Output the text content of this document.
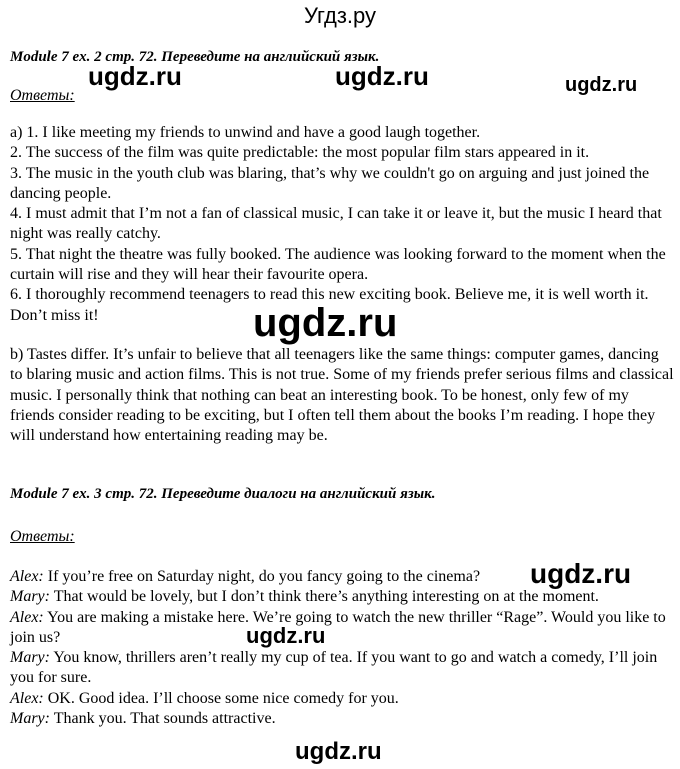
Угдз.ру
Module 7 ex. 2 стр. 72. Переведите на английский язык.
ugdz.ru	ugdz.ru	ugdz.ru
Ответы:

a) 1. I like meeting my friends to unwind and have a good laugh together.

2. The success of the film was quite predictable: the most popular film stars appeared in it.

3. The music in the youth club was blaring, that’s why we couldn't go on arguing and just joined the dancing people.

4. I must admit that I’m not a fan of classical music, I can take it or leave it, but the music I heard that night was really catchy.

5. That night the theatre was fully booked. The audience was looking forward to the moment when the curtain will rise and they will hear their favourite opera.

6. I thoroughly recommend teenagers to read this new exciting book. Believe me, it is well worth it. Don’t miss it!	ugdz.ru
b) Tastes differ. It’s unfair to believe that all teenagers like the same things: computer games, dancing to blaring music and action films. This is not true. Some of my friends prefer serious films and classical music. I personally think that nothing can beat an interesting book. To be honest, only few of my friends consider reading to be exciting, but I often tell them about the books I’m reading. I hope they will understand how entertaining reading may be.
Module 7 ex. 3 стр. 72. Переведите диалоги на английский язык.
Ответы:

Alex: If you’re free on Saturday night, do you fancy going to the cinema?

Mary: That would be lovely, but I don’t think there’s anything interesting on at the moment.

Alex: You are making a mistake here. We’re going to watch the new thriller “Rage”. Would you like to join us?

Mary: You know, thrillers aren’t really my cup of tea. If you want to go and watch a comedy, I’ll join you for sure.

Alex: OK. Good idea. I’ll choose some nice comedy for you.

Mary: Thank you. That sounds attractive.

ugdz.ru
ugdz.ru
ugdz.ru
